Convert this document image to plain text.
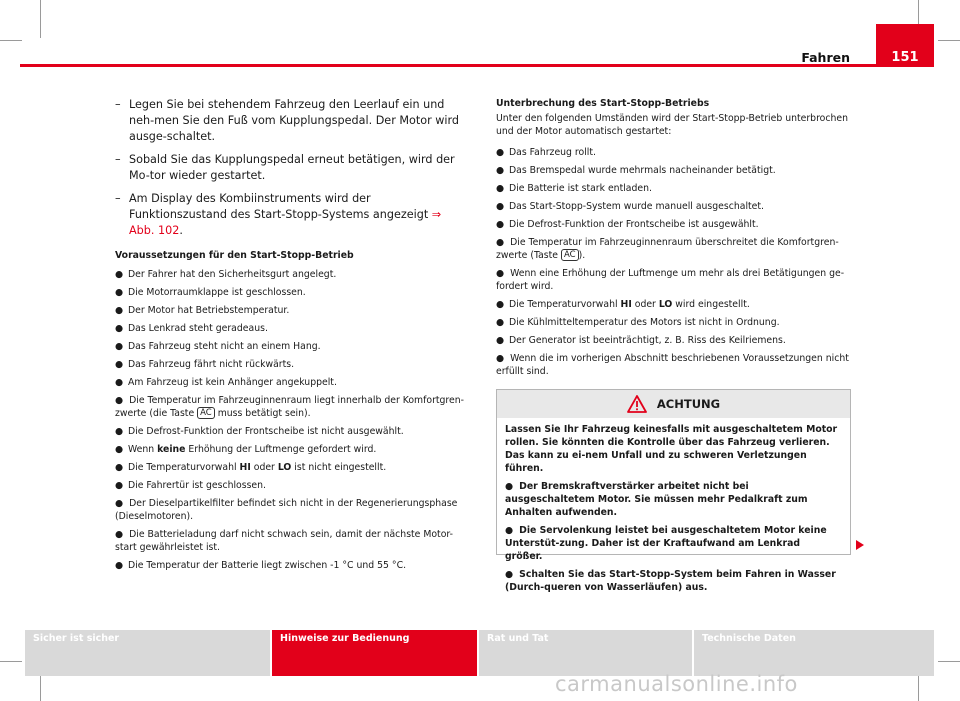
Fahren	151
– Legen Sie bei stehendem Fahrzeug den Leerlauf ein und neh-men Sie den Fuß vom Kupplungspedal. Der Motor wird ausge-schaltet.
– Sobald Sie das Kupplungspedal erneut betätigen, wird der Mo-tor wieder gestartet.
– Am Display des Kombiinstruments wird der Funktionszustand des Start-Stopp-Systems angezeigt ⇒ Abb. 102.
Voraussetzungen für den Start-Stopp-Betrieb
● Der Fahrer hat den Sicherheitsgurt angelegt.
● Die Motorraumklappe ist geschlossen.
● Der Motor hat Betriebstemperatur.
● Das Lenkrad steht geradeaus.
● Das Fahrzeug steht nicht an einem Hang.
● Das Fahrzeug fährt nicht rückwärts.
● Am Fahrzeug ist kein Anhänger angekuppelt.
● Die Temperatur im Fahrzeuginnenraum liegt innerhalb der Komfortgren-zwerte (die Taste AC muss betätigt sein).
● Die Defrost-Funktion der Frontscheibe ist nicht ausgewählt.
● Wenn keine Erhöhung der Luftmenge gefordert wird.
● Die Temperaturvorwahl HI oder LO ist nicht eingestellt.
● Die Fahrertür ist geschlossen.
● Der Dieselpartikelfilter befindet sich nicht in der Regenerierungsphase (Dieselmotoren).
● Die Batterieladung darf nicht schwach sein, damit der nächste Motor-start gewährleistet ist.
● Die Temperatur der Batterie liegt zwischen -1 °C und 55 °C.
Unterbrechung des Start-Stopp-Betriebs
Unter den folgenden Umständen wird der Start-Stopp-Betrieb unterbrochen und der Motor automatisch gestartet:
● Das Fahrzeug rollt.
● Das Bremspedal wurde mehrmals nacheinander betätigt.
● Die Batterie ist stark entladen.
● Das Start-Stopp-System wurde manuell ausgeschaltet.
● Die Defrost-Funktion der Frontscheibe ist ausgewählt.
● Die Temperatur im Fahrzeuginnenraum überschreitet die Komfortgren-zwerte (Taste AC ).
● Wenn eine Erhöhung der Luftmenge um mehr als drei Betätigungen ge-fordert wird.
● Die Temperaturvorwahl HI oder LO wird eingestellt.
● Die Kühlmitteltemperatur des Motors ist nicht in Ordnung.
● Der Generator ist beeinträchtigt, z. B. Riss des Keilriemens.
● Wenn die im vorherigen Abschnitt beschriebenen Voraussetzungen nicht erfüllt sind.
ACHTUNG
Lassen Sie Ihr Fahrzeug keinesfalls mit ausgeschaltetem Motor rollen. Sie könnten die Kontrolle über das Fahrzeug verlieren. Das kann zu ei-nem Unfall und zu schweren Verletzungen führen.
● Der Bremskraftverstärker arbeitet nicht bei ausgeschaltetem Motor. Sie müssen mehr Pedalkraft zum Anhalten aufwenden.
● Die Servolenkung leistet bei ausgeschaltetem Motor keine Unterstüt-zung. Daher ist der Kraftaufwand am Lenkrad größer.
● Schalten Sie das Start-Stopp-System beim Fahren in Wasser (Durch-queren von Wasserläufen) aus.
Sicher ist sicher	Hinweise zur Bedienung	Rat und Tat	Technische Daten
carmanualsonline.info
